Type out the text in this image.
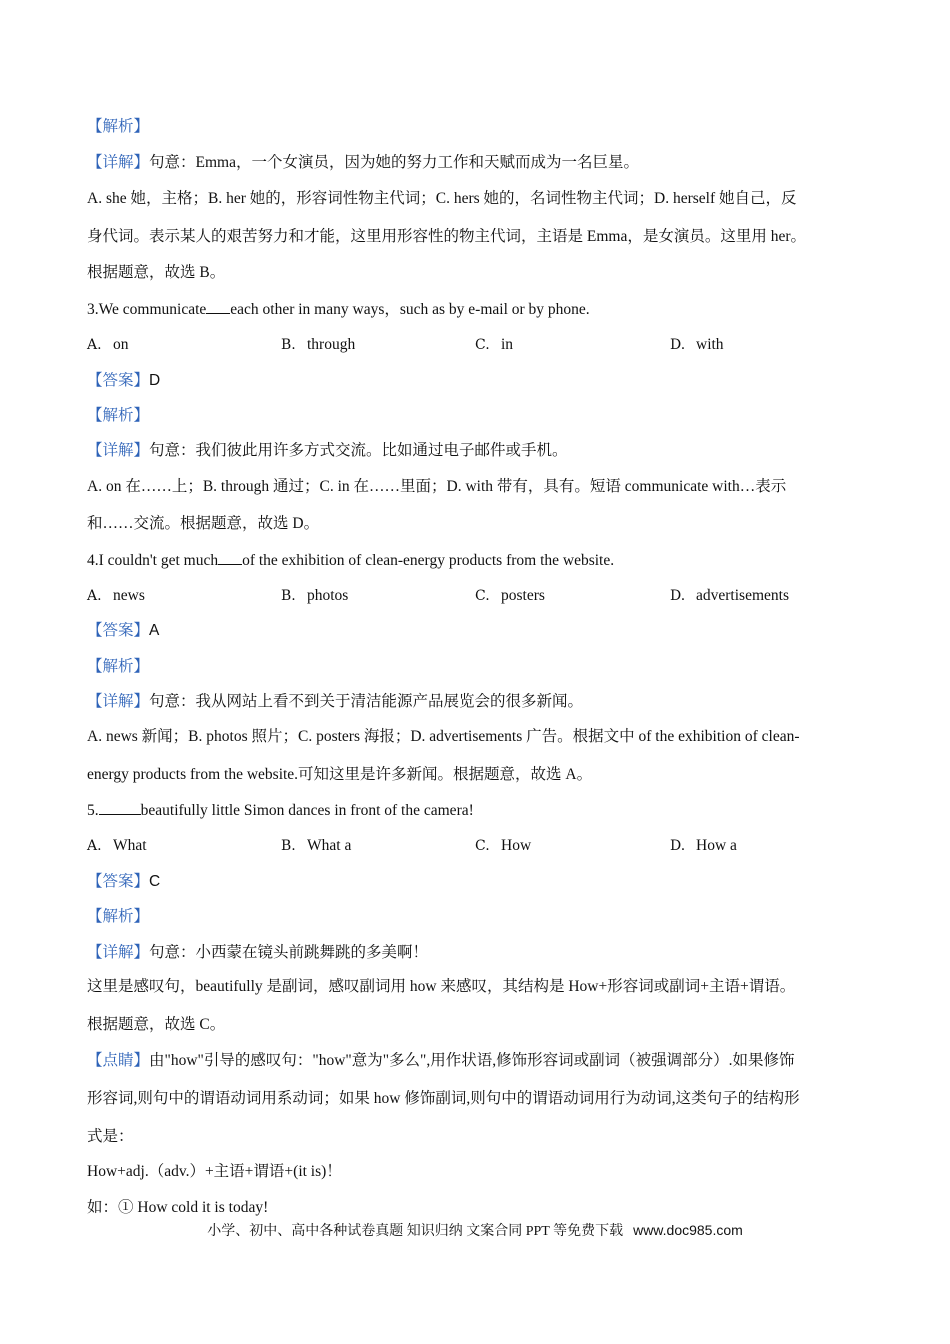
【解析】
【详解】句意：Emma，一个女演员，因为她的努力工作和天赋而成为一名巨星。
A. she 她，主格；B. her 她的，形容词性物主代词；C. hers 她的，名词性物主代词；D. herself 她自己，反
身代词。表示某人的艰苦努力和才能，这里用形容性的物主代词，主语是 Emma，是女演员。这里用 her。
根据题意，故选 B。
3.We communicate each other in many ways，such as by e-mail or by phone.
A. on	B. through	C. in	D. with
【答案】D
【解析】
【详解】句意：我们彼此用许多方式交流。比如通过电子邮件或手机。
A. on 在……上；B. through 通过；C. in 在……里面；D. with 带有，具有。短语 communicate with…表示
和……交流。根据题意，故选 D。
4.I couldn't get much of the exhibition of clean-energy products from the website.
A. news	B. photos	C. posters	D. advertisements
【答案】A
【解析】
【详解】句意：我从网站上看不到关于清洁能源产品展览会的很多新闻。
A. news 新闻；B. photos 照片；C. posters 海报；D. advertisements 广告。根据文中 of the exhibition of clean-
energy products from the website.可知这里是许多新闻。根据题意，故选 A。
5.	beautifully little Simon dances in front of the camera!
A. What	B. What a	C. How	D. How a
【答案】C
【解析】
【详解】句意：小西蒙在镜头前跳舞跳的多美啊！
这里是感叹句，beautifully 是副词，感叹副词用 how 来感叹，其结构是 How+形容词或副词+主语+谓语。
根据题意，故选 C。
【点睛】由"how"引导的感叹句："how"意为"多么",用作状语,修饰形容词或副词（被强调部分）.如果修饰
形容词,则句中的谓语动词用系动词；如果 how 修饰副词,则句中的谓语动词用行为动词,这类句子的结构形
式是：
How+adj.（adv.）+主语+谓语+(it is)！
如：① How cold it is today!
小学、初中、高中各种试卷真题 知识归纳 文案合同 PPT 等免费下载 www.doc985.com
